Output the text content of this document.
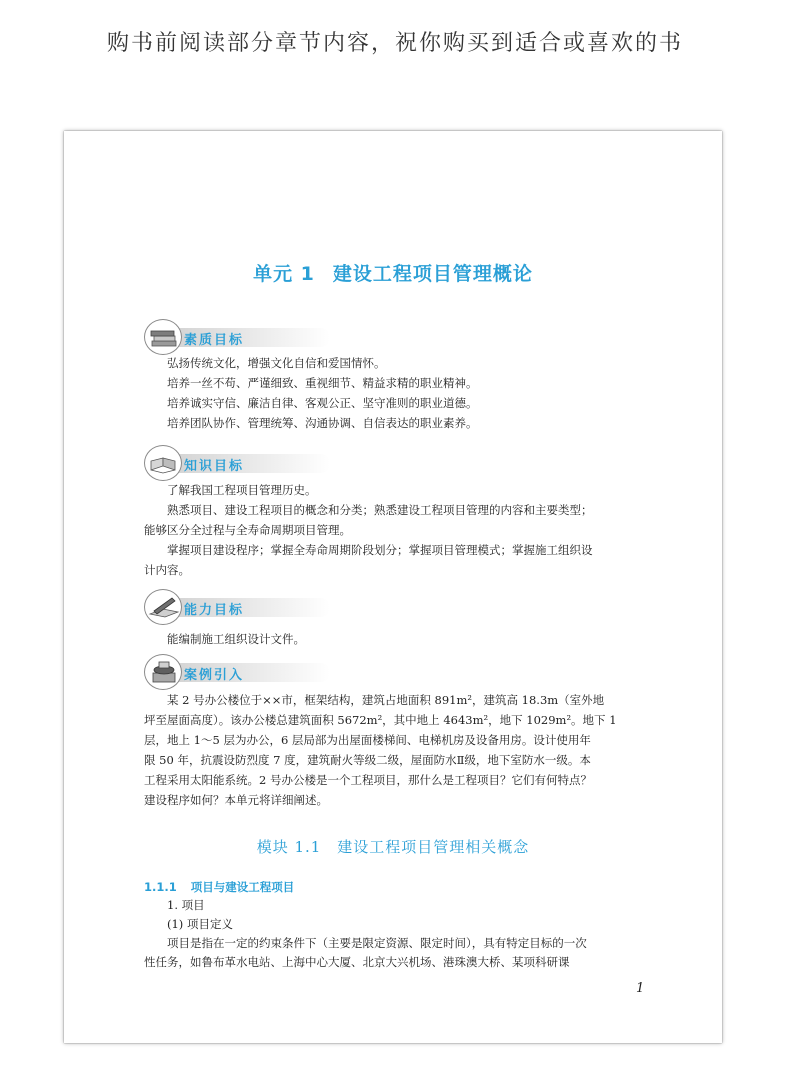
购书前阅读部分章节内容，祝你购买到适合或喜欢的书
单元 1 建设工程项目管理概论
素质目标
弘扬传统文化，增强文化自信和爱国情怀。
培养一丝不苟、严谨细致、重视细节、精益求精的职业精神。
培养诚实守信、廉洁自律、客观公正、坚守准则的职业道德。
培养团队协作、管理统筹、沟通协调、自信表达的职业素养。
知识目标
了解我国工程项目管理历史。
熟悉项目、建设工程项目的概念和分类；熟悉建设工程项目管理的内容和主要类型；
能够区分全过程与全寿命周期项目管理。
掌握项目建设程序；掌握全寿命周期阶段划分；掌握项目管理模式；掌握施工组织设
计内容。
能力目标
能编制施工组织设计文件。
案例引入
某 2 号办公楼位于××市，框架结构，建筑占地面积 891m²，建筑高 18.3m（室外地
坪至屋面高度）。该办公楼总建筑面积 5672m²，其中地上 4643m²，地下 1029m²。地下 1
层，地上 1～5 层为办公，6 层局部为出屋面楼梯间、电梯机房及设备用房。设计使用年
限 50 年，抗震设防烈度 7 度，建筑耐火等级二级，屋面防水Ⅱ级，地下室防水一级。本
工程采用太阳能系统。2 号办公楼是一个工程项目，那什么是工程项目？它们有何特点？
建设程序如何？本单元将详细阐述。
模块 1.1　建设工程项目管理相关概念
1.1.1 项目与建设工程项目
1. 项目
(1) 项目定义
项目是指在一定的约束条件下（主要是限定资源、限定时间），具有特定目标的一次
性任务，如鲁布革水电站、上海中心大厦、北京大兴机场、港珠澳大桥、某项科研课
1
